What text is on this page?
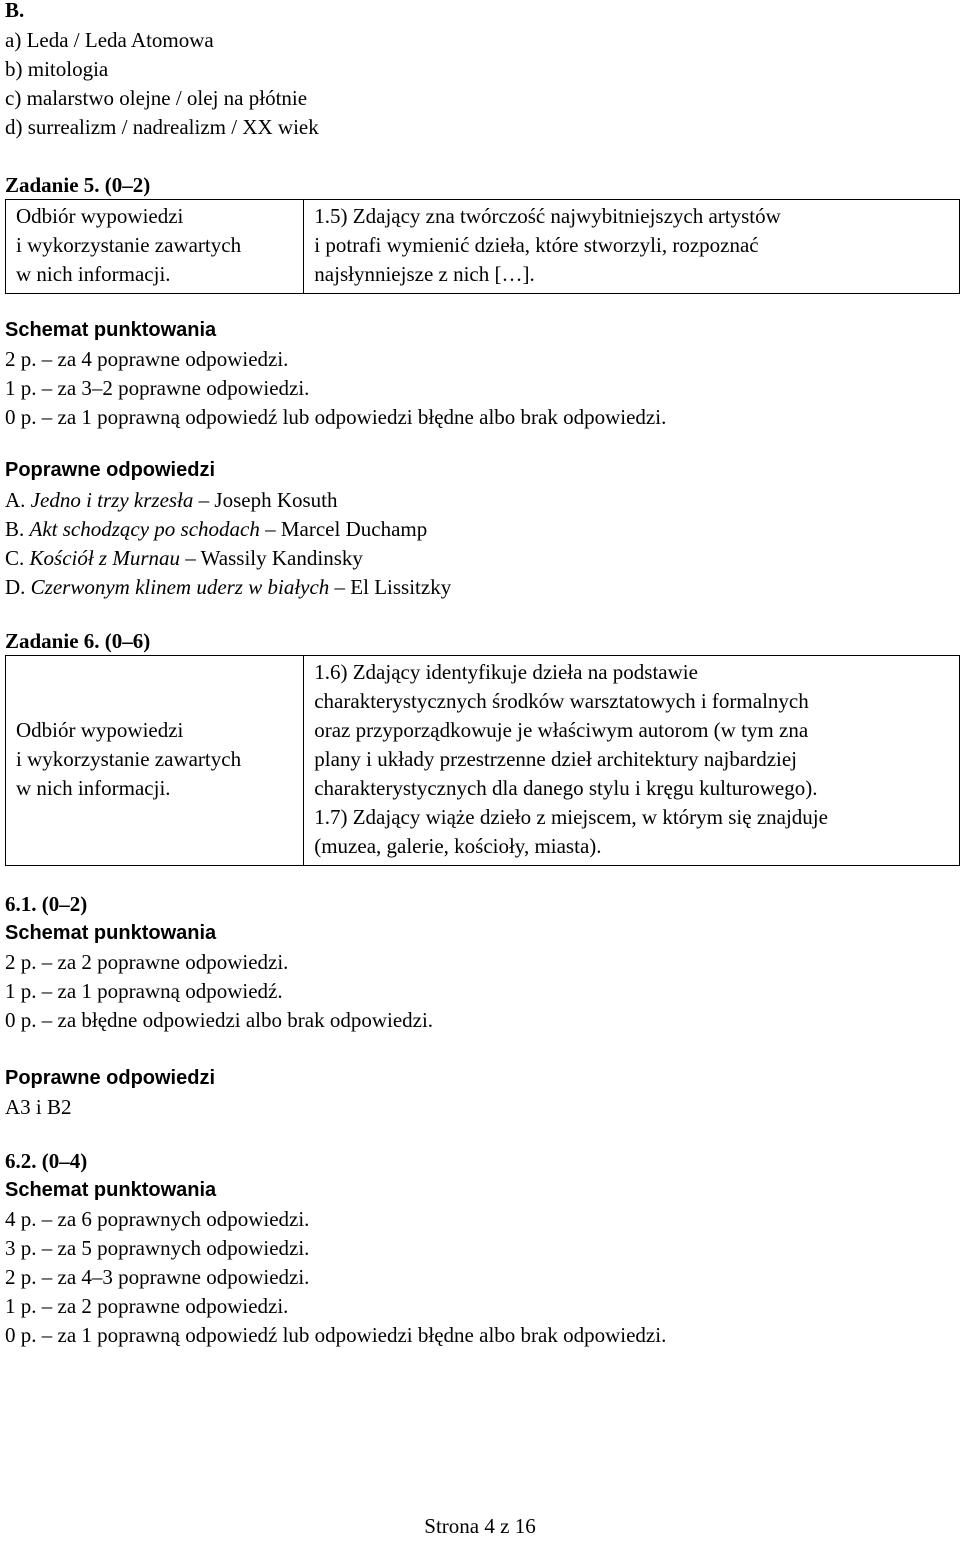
B.
a) Leda / Leda Atomowa
b) mitologia
c) malarstwo olejne / olej na płótnie
d) surrealizm / nadrealizm / XX wiek
Zadanie 5. (0–2)
Odbiór wypowiedzi
i wykorzystanie zawartych
w nich informacji.

1.5) Zdający zna twórczość najwybitniejszych artystów
i potrafi wymienić dzieła, które stworzyli, rozpoznać
najsłynniejsze z nich […].
Schemat punktowania
2 p. – za 4 poprawne odpowiedzi.
1 p. – za 3–2 poprawne odpowiedzi.
0 p. – za 1 poprawną odpowiedź lub odpowiedzi błędne albo brak odpowiedzi.
Poprawne odpowiedzi
A. Jedno i trzy krzesła – Joseph Kosuth
B. Akt schodzący po schodach – Marcel Duchamp
C. Kościół z Murnau – Wassily Kandinsky
D. Czerwonym klinem uderz w białych – El Lissitzky
Zadanie 6. (0–6)
Odbiór wypowiedzi
i wykorzystanie zawartych
w nich informacji.

1.6) Zdający identyfikuje dzieła na podstawie
charakterystycznych środków warsztatowych i formalnych
oraz przyporządkowuje je właściwym autorom (w tym zna
plany i układy przestrzenne dzieł architektury najbardziej
charakterystycznych dla danego stylu i kręgu kulturowego).
1.7) Zdający wiąże dzieło z miejscem, w którym się znajduje
(muzea, galerie, kościoły, miasta).
6.1. (0–2)
Schemat punktowania
2 p. – za 2 poprawne odpowiedzi.
1 p. – za 1 poprawną odpowiedź.
0 p. – za błędne odpowiedzi albo brak odpowiedzi.
Poprawne odpowiedzi
A3 i B2
6.2. (0–4)
Schemat punktowania
4 p. – za 6 poprawnych odpowiedzi.
3 p. – za 5 poprawnych odpowiedzi.
2 p. – za 4–3 poprawne odpowiedzi.
1 p. – za 2 poprawne odpowiedzi.
0 p. – za 1 poprawną odpowiedź lub odpowiedzi błędne albo brak odpowiedzi.
Strona 4 z 16
